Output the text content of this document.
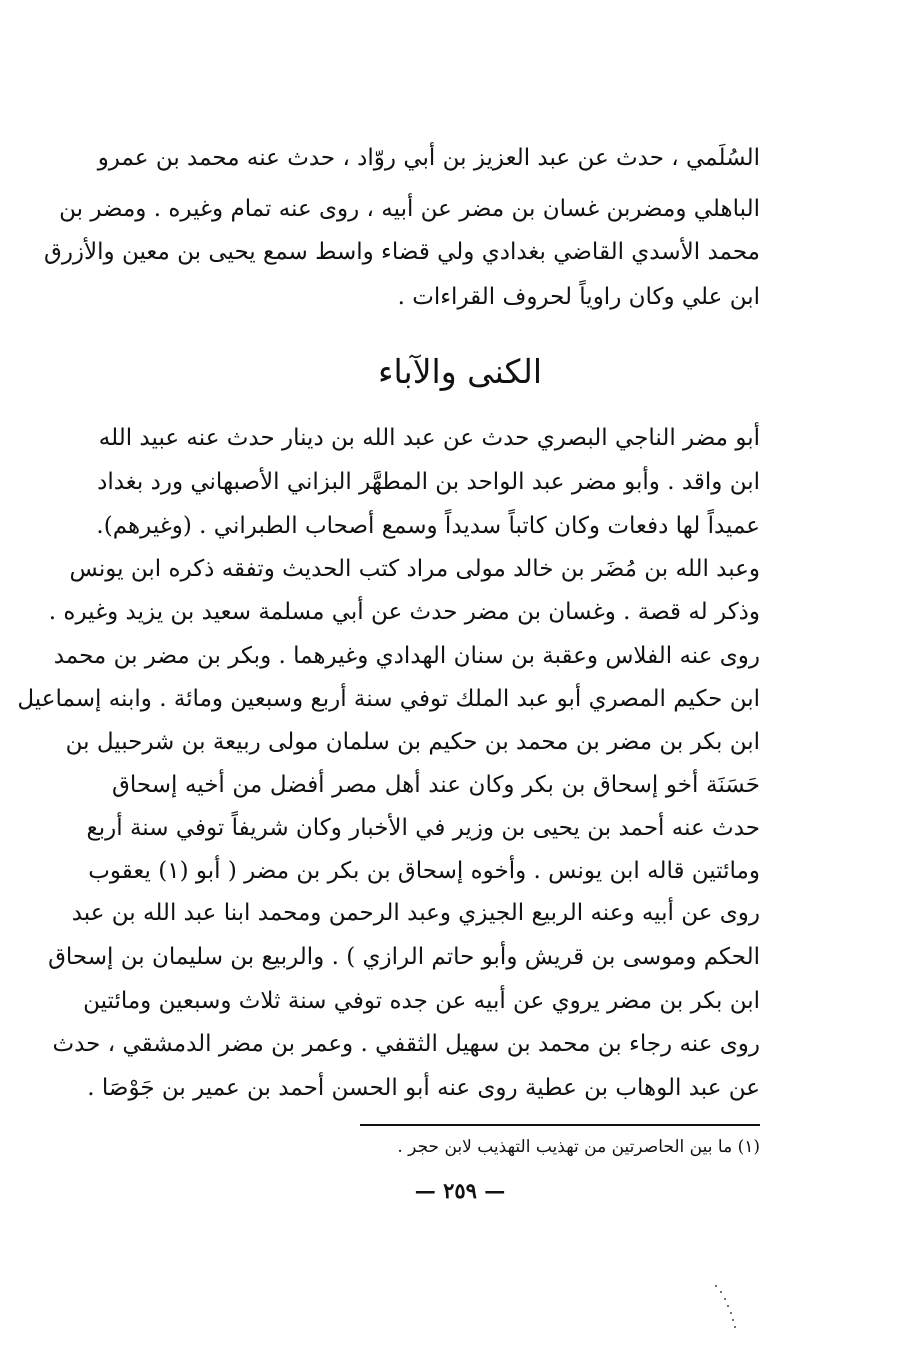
السُلَمي ، حدث عن عبد العزيز بن أبي روّاد ، حدث عنه محمد بن عمرو

الباهلي ومضربن غسان بن مضر عن أبيه ، روى عنه تمام وغيره . ومضر بن

محمد الأسدي القاضي بغدادي ولي قضاء واسط سمع يحيى بن معين والأزرق

ابن علي وكان راوياً لحروف القراءات .

الكنى والآباء

أبو مضر الناجي البصري حدث عن عبد الله بن دينار حدث عنه عبيد الله

ابن واقد . وأبو مضر عبد الواحد بن المطهَّر البزاني الأصبهاني ورد بغداد

عميداً لها دفعات وكان كاتباً سديداً وسمع أصحاب الطبراني . (وغيرهم).

وعبد الله بن مُضَر بن خالد مولى مراد كتب الحديث وتفقه ذكره ابن يونس

وذكر له قصة . وغسان بن مضر حدث عن أبي مسلمة سعيد بن يزيد وغيره .

روى عنه الفلاس وعقبة بن سنان الهدادي وغيرهما . وبكر بن مضر بن محمد

ابن حكيم المصري أبو عبد الملك توفي سنة أربع وسبعين ومائة . وابنه إسماعيل

ابن بكر بن مضر بن محمد بن حكيم بن سلمان مولى ربيعة بن شرحبيل بن

حَسَنَة أخو إسحاق بن بكر وكان عند أهل مصر أفضل من أخيه إسحاق

حدث عنه أحمد بن يحيى بن وزير في الأخبار وكان شريفاً توفي سنة أربع

ومائتين قاله ابن يونس . وأخوه إسحاق بن بكر بن مضر ( أبو (١) يعقوب

روى عن أبيه وعنه الربيع الجيزي وعبد الرحمن ومحمد ابنا عبد الله بن عبد

الحكم وموسى بن قريش وأبو حاتم الرازي ) . والربيع بن سليمان بن إسحاق

ابن بكر بن مضر يروي عن أبيه عن جده توفي سنة ثلاث وسبعين ومائتين

روى عنه رجاء بن محمد بن سهيل الثقفي . وعمر بن مضر الدمشقي ، حدث

عن عبد الوهاب بن عطية روى عنه أبو الحسن أحمد بن عمير بن جَوْصَا .

(١) ما بين الحاصرتين من تهذيب التهذيب لابن حجر .

— ٢٥٩ —
